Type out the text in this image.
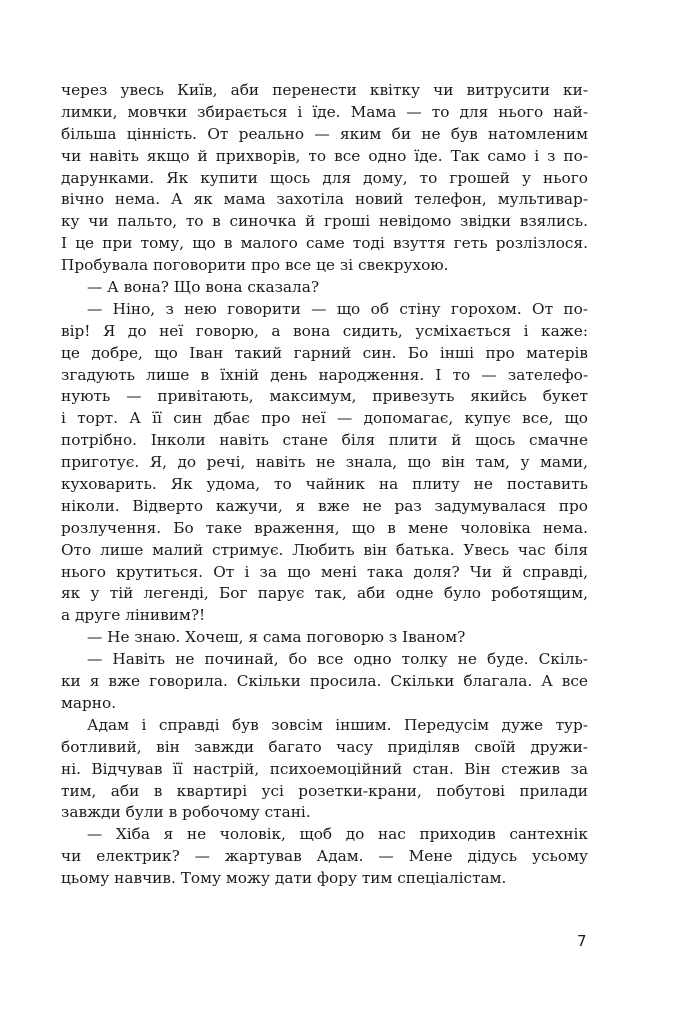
через увесь Київ, аби перенести квітку чи витрусити ки-
лимки, мовчки збирається і їде. Мама — то для нього най-
більша цінність. От реально — яким би не був натомленим
чи навіть якщо й прихворів, то все одно їде. Так само і з по-
дарунками. Як купити щось для дому, то грошей у нього
вічно нема. А як мама захотіла новий телефон, мультивар-
ку чи пальто, то в синочка й гроші невідомо звідки взялись.
І це при тому, що в малого саме тоді взуття геть розлізлося.
Пробувала поговорити про все це зі свекрухою.
— А вона? Що вона сказала?
— Ніно, з нею говорити — що об стіну горохом. От по-
вір! Я до неї говорю, а вона сидить, усміхається і каже:
це добре, що Іван такий гарний син. Бо інші про матерів
згадують лише в їхній день народження. І то — зателефо-
нують — привітають, максимум, привезуть якийсь букет
і торт. А її син дбає про неї — допомагає, купує все, що
потрібно. Інколи навіть стане біля плити й щось смачне
приготує. Я, до речі, навіть не знала, що він там, у мами,
куховарить. Як удома, то чайник на плиту не поставить
ніколи. Відверто кажучи, я вже не раз задумувалася про
розлучення. Бо таке враження, що в мене чоловіка нема.
Ото лише малий стримує. Любить він батька. Увесь час біля
нього крутиться. От і за що мені така доля? Чи й справді,
як у тій легенді, Бог парує так, аби одне було роботящим,
а друге лінивим?!
— Не знаю. Хочеш, я сама поговорю з Іваном?
— Навіть не починай, бо все одно толку не буде. Скіль-
ки я вже говорила. Скільки просила. Скільки благала. А все
марно.
Адам і справді був зовсім іншим. Передусім дуже тур-
ботливий, він завжди багато часу приділяв своїй дружи-
ні. Відчував її настрій, психоемоційний стан. Він стежив за
тим, аби в квартирі усі розетки-крани, побутові прилади
завжди були в робочому стані.
— Хіба я не чоловік, щоб до нас приходив сантехнік
чи електрик? — жартував Адам. — Мене дідусь усьому
цьому навчив. Тому можу дати фору тим спеціалістам.
7
